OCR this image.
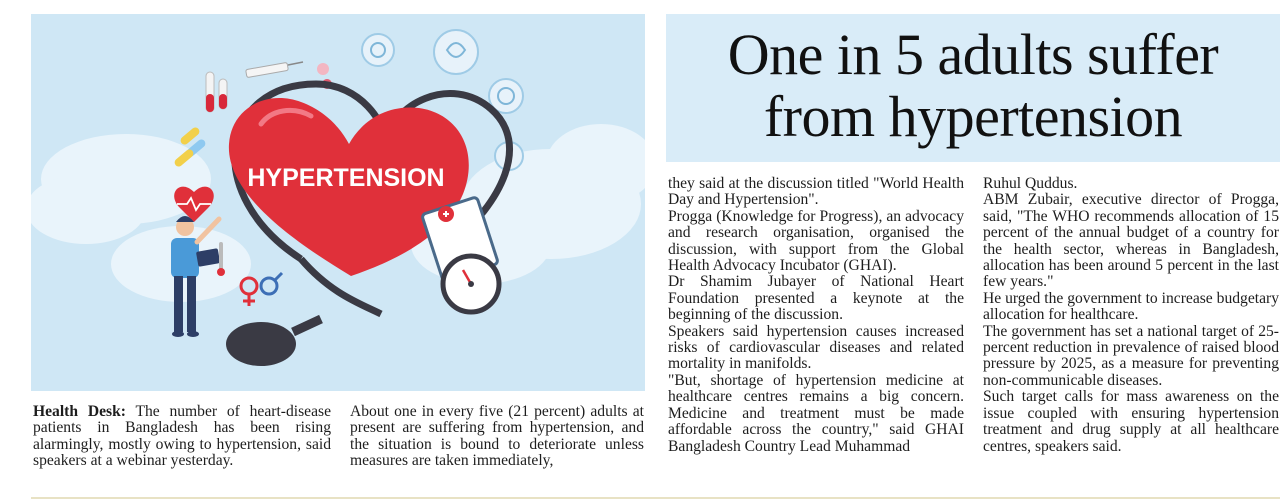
HYPERTENSION
One in 5 adults suffer
from hypertension

Health Desk: The number of heart-disease patients in Bangladesh has been rising alarmingly, mostly owing to hypertension, said speakers at a webinar yesterday.

About one in every five (21 percent) adults at present are suffering from hypertension, and the situation is bound to deteriorate unless measures are taken immediately,

they said at the discussion titled "World Health Day and Hypertension".

Progga (Knowledge for Progress), an advocacy and research organisation, organised the discussion, with support from the Global Health Advocacy Incubator (GHAI).

Dr Shamim Jubayer of National Heart Foundation presented a keynote at the beginning of the discussion.

Speakers said hypertension causes increased risks of cardiovascular diseases and related mortality in manifolds.

"But, shortage of hypertension medicine at healthcare centres remains a big concern. Medicine and treatment must be made affordable across the country," said GHAI Bangladesh Country Lead Muhammad

Ruhul Quddus.

ABM Zubair, executive director of Progga, said, "The WHO recommends allocation of 15 percent of the annual budget of a country for the health sector, whereas in Bangladesh, allocation has been around 5 percent in the last few years."

He urged the government to increase budgetary allocation for healthcare.

The government has set a national target of 25-percent reduction in prevalence of raised blood pressure by 2025, as a measure for preventing non-communicable diseases.

Such target calls for mass awareness on the issue coupled with ensuring hypertension treatment and drug supply at all healthcare centres, speakers said.
